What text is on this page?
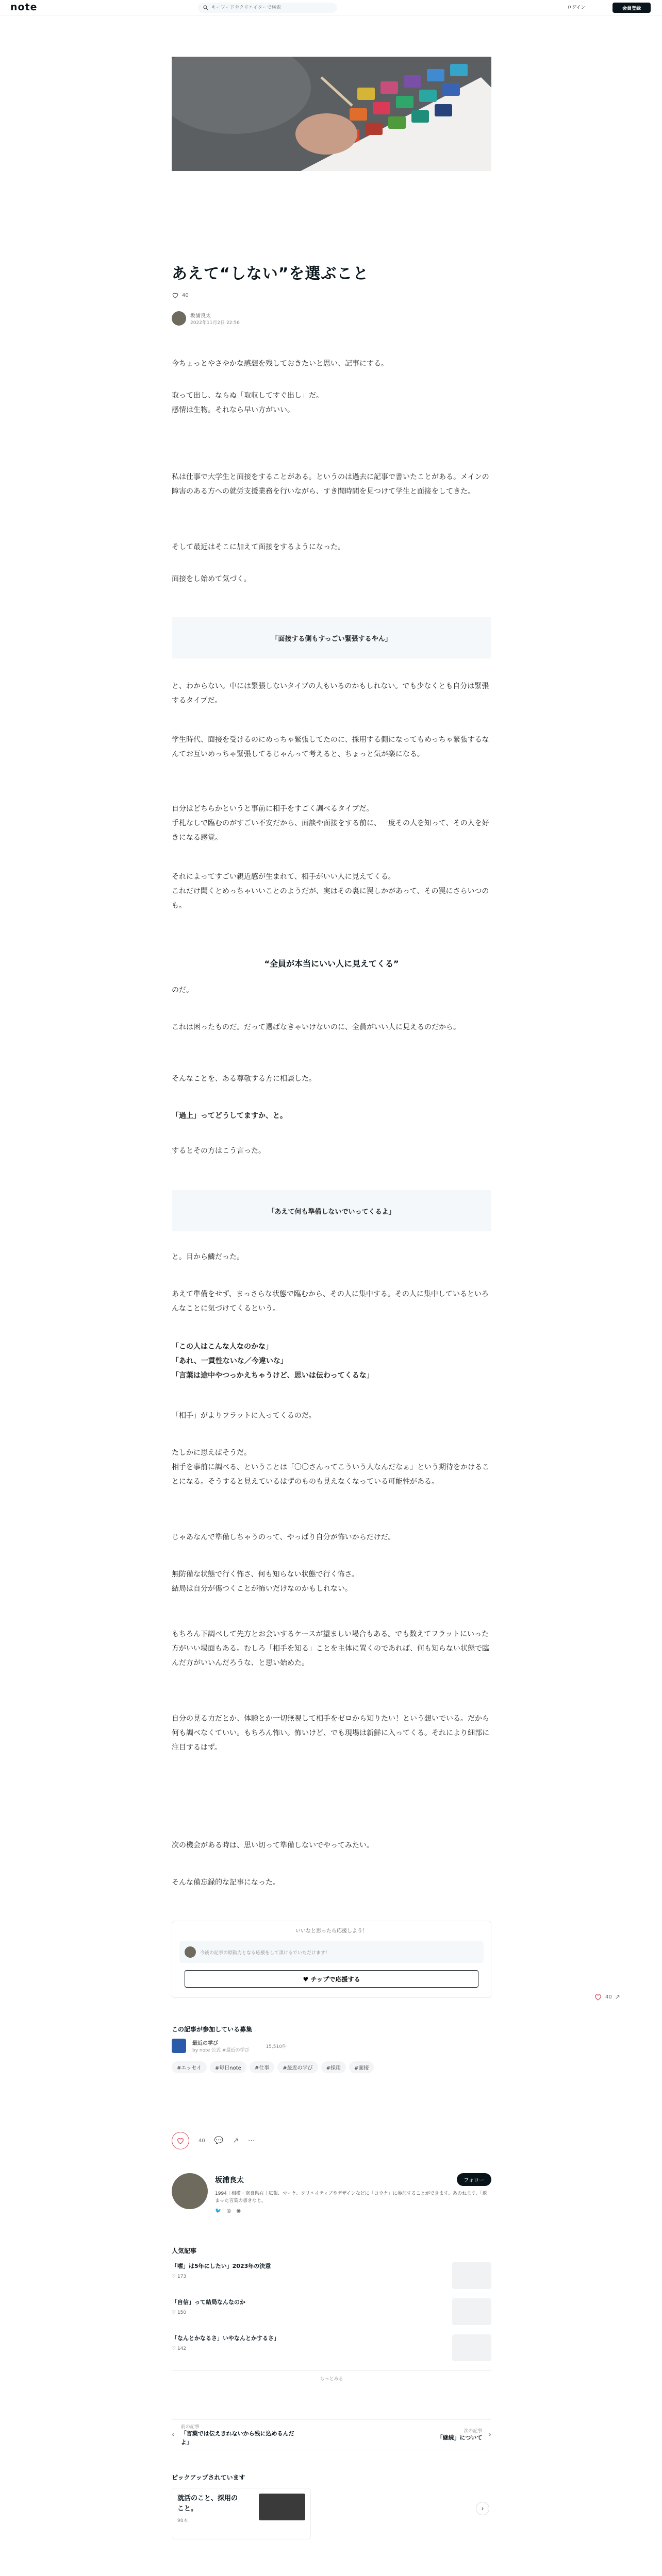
note
キーワードやクリエイターで検索	ログイン	会員登録
あえて“しない”を選ぶこと
40
坂浦良太
2022年11月2日 22:56

今ちょっとやさやかな感想を残しておきたいと思い、記事にする。

取って出し、ならぬ「取収してすぐ出し」だ。

感情は生物。それなら早い方がいい。

私は仕事で大学生と面接をすることがある。というのは過去に記事で書いたことがある。メインの障害のある方への就労支援業務を行いながら、すき間時間を見つけて学生と面接をしてきた。

そして最近はそこに加えて面接をするようになった。

面接をし始めて気づく。

「面接する側もすっごい緊張するやん」

と、わからない。中には緊張しないタイプの人もいるのかもしれない。でも少なくとも自分は緊張するタイプだ。

学生時代、面接を受けるのにめっちゃ緊張してたのに、採用する側になってもめっちゃ緊張するなんてお互いめっちゃ緊張してるじゃんって考えると、ちょっと気が楽になる。

自分はどちらかというと事前に相手をすごく調べるタイプだ。

手札なしで臨むのがすごい不安だから、面談や面接をする前に、一度その人を知って、その人を好きになる感覚。

それによってすごい親近感が生まれて、相手がいい人に見えてくる。

これだけ聞くとめっちゃいいことのようだが、実はその裏に罠しかがあって、その罠にさらいつのも。

“全員が本当にいい人に見えてくる”

のだ。

これは困ったものだ。だって選ばなきゃいけないのに、全員がいい人に見えるのだから。

そんなことを、ある尊敬する方に相談した。

「過上」ってどうしてますか、と。

するとその方はこう言った。

「あえて何も準備しないでいってくるよ」

と。目から鱗だった。

あえて準備をせず、まっさらな状態で臨むから、その人に集中する。その人に集中しているといろんなことに気づけてくるという。

「この人はこんな人なのかな」

「あれ、一貫性ないな／今違いな」

「言葉は途中やつっかえちゃうけど、思いは伝わってくるな」

「相手」がよりフラットに入ってくるのだ。

たしかに思えばそうだ。

相手を事前に調べる、ということは「〇〇さんってこういう人なんだなぁ」という期待をかけることになる。そうすると見えているはずのものも見えなくなっている可能性がある。

じゃあなんで準備しちゃうのって、やっぱり自分が怖いからだけだ。

無防備な状態で行く怖さ、何も知らない状態で行く怖さ。

結局は自分が傷つくことが怖いだけなのかもしれない。

もちろん下調べして先方とお会いするケースが望ましい場合もある。でも数えてフラットにいった方がいい場面もある。むしろ「相手を知る」ことを主体に置くのであれば、何も知らない状態で臨んだ方がいいんだろうな、と思い始めた。

自分の見る力だとか、体験とか一切無視して相手をゼロから知りたい！という想いでいる。だから何も調べなくていい。もちろん怖い。怖いけど、でも現場は新鮮に入ってくる。それにより細部に注目するはず。

次の機会がある時は、思い切って準備しないでやってみたい。

そんな備忘録的な記事になった。

いいなと思ったら応援しよう！
今後の記事の原動力となる応援をして頂けるでいただけます！
♥ チップで応援する
40 ↗
この記事が参加している募集
最近の学び
by note 公式 #最近の学び
15,510件
#エッセイ	#毎日note	#仕事	#最近の学び	#採用	#面接
40 💬 ↗ ⋯
坂浦良太	フォロー
1994｜相模・奈良県在｜広報、マーケ、クリエイティブやデザインなどに「ヨウケ」に参加することができます。あのねます、「返まった言葉の書きなと。
🐦 ◎ ◉
人気記事
「嗜」は5年にしたい」2023年の決意
♡ 173
「自信」って結局なんなのか
♡ 150
「なんとかなるさ」いやなんとかするさ」
♡ 142
もっとみる
‹
前の記事
「言葉では伝えきれないから残に込めるんだよ」
次の記事
「継続」について ›
ピックアップされています
就活のこと、採用のこと。
98本
›
